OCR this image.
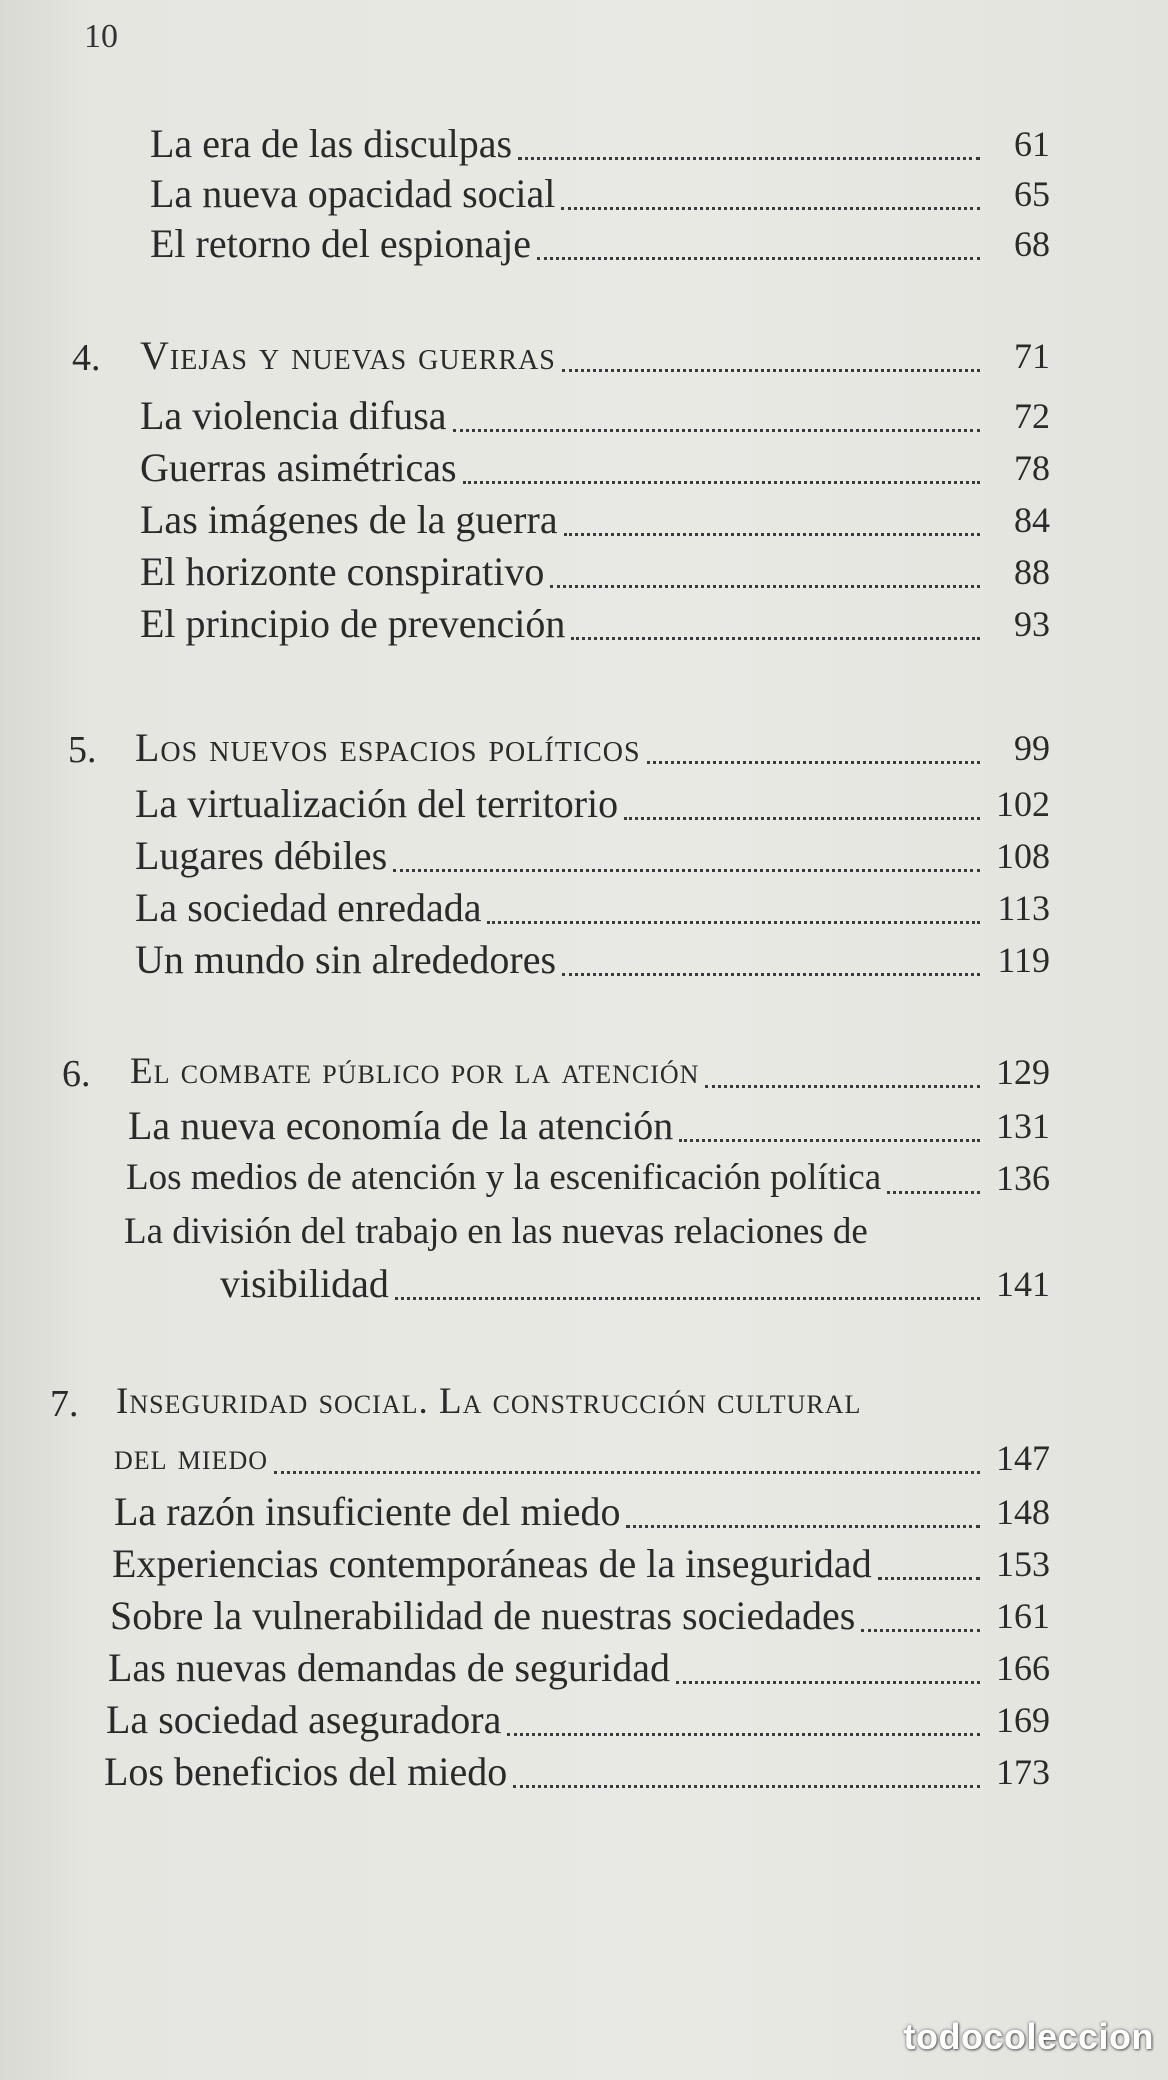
10
La era de las disculpas	61
La nueva opacidad social	65
El retorno del espionaje	68
4. Viejas y nuevas guerras	71
La violencia difusa	72
Guerras asimétricas	78
Las imágenes de la guerra	84
El horizonte conspirativo	88
El principio de prevención	93
5. Los nuevos espacios políticos	99
La virtualización del territorio	102
Lugares débiles	108
La sociedad enredada	113
Un mundo sin alrededores	119
6. El combate público por la atención	129
La nueva economía de la atención	131
Los medios de atención y la escenificación política	136
La división del trabajo en las nuevas relaciones de
visibilidad	141
7. Inseguridad social. La construcción cultural
del miedo	147
La razón insuficiente del miedo	148
Experiencias contemporáneas de la inseguridad	153
Sobre la vulnerabilidad de nuestras sociedades	161
Las nuevas demandas de seguridad	166
La sociedad aseguradora	169
Los beneficios del miedo	173
todocoleccion
